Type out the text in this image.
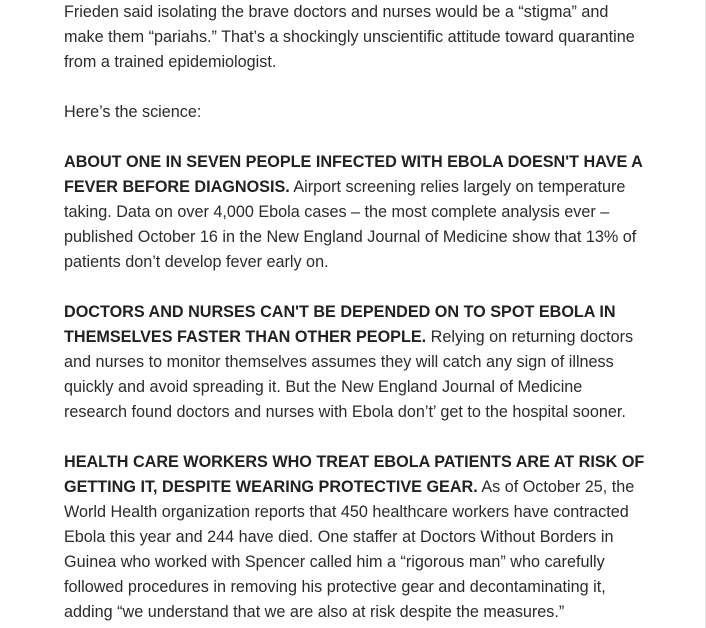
Frieden said isolating the brave doctors and nurses would be a “stigma” and
make them “pariahs.” That’s a shockingly unscientific attitude toward quarantine
from a trained epidemiologist.

Here’s the science:

ABOUT ONE IN SEVEN PEOPLE INFECTED WITH EBOLA DOESN'T HAVE A
FEVER BEFORE DIAGNOSIS. Airport screening relies largely on temperature
taking. Data on over 4,000 Ebola cases – the most complete analysis ever –
published October 16 in the New England Journal of Medicine show that 13% of
patients don’t develop fever early on.

DOCTORS AND NURSES CAN'T BE DEPENDED ON TO SPOT EBOLA IN
THEMSELVES FASTER THAN OTHER PEOPLE. Relying on returning doctors
and nurses to monitor themselves assumes they will catch any sign of illness
quickly and avoid spreading it. But the New England Journal of Medicine
research found doctors and nurses with Ebola don’t’ get to the hospital sooner.

HEALTH CARE WORKERS WHO TREAT EBOLA PATIENTS ARE AT RISK OF
GETTING IT, DESPITE WEARING PROTECTIVE GEAR. As of October 25, the
World Health organization reports that 450 healthcare workers have contracted
Ebola this year and 244 have died. One staffer at Doctors Without Borders in
Guinea who worked with Spencer called him a “rigorous man” who carefully
followed procedures in removing his protective gear and decontaminating it,
adding “we understand that we are also at risk despite the measures.”
